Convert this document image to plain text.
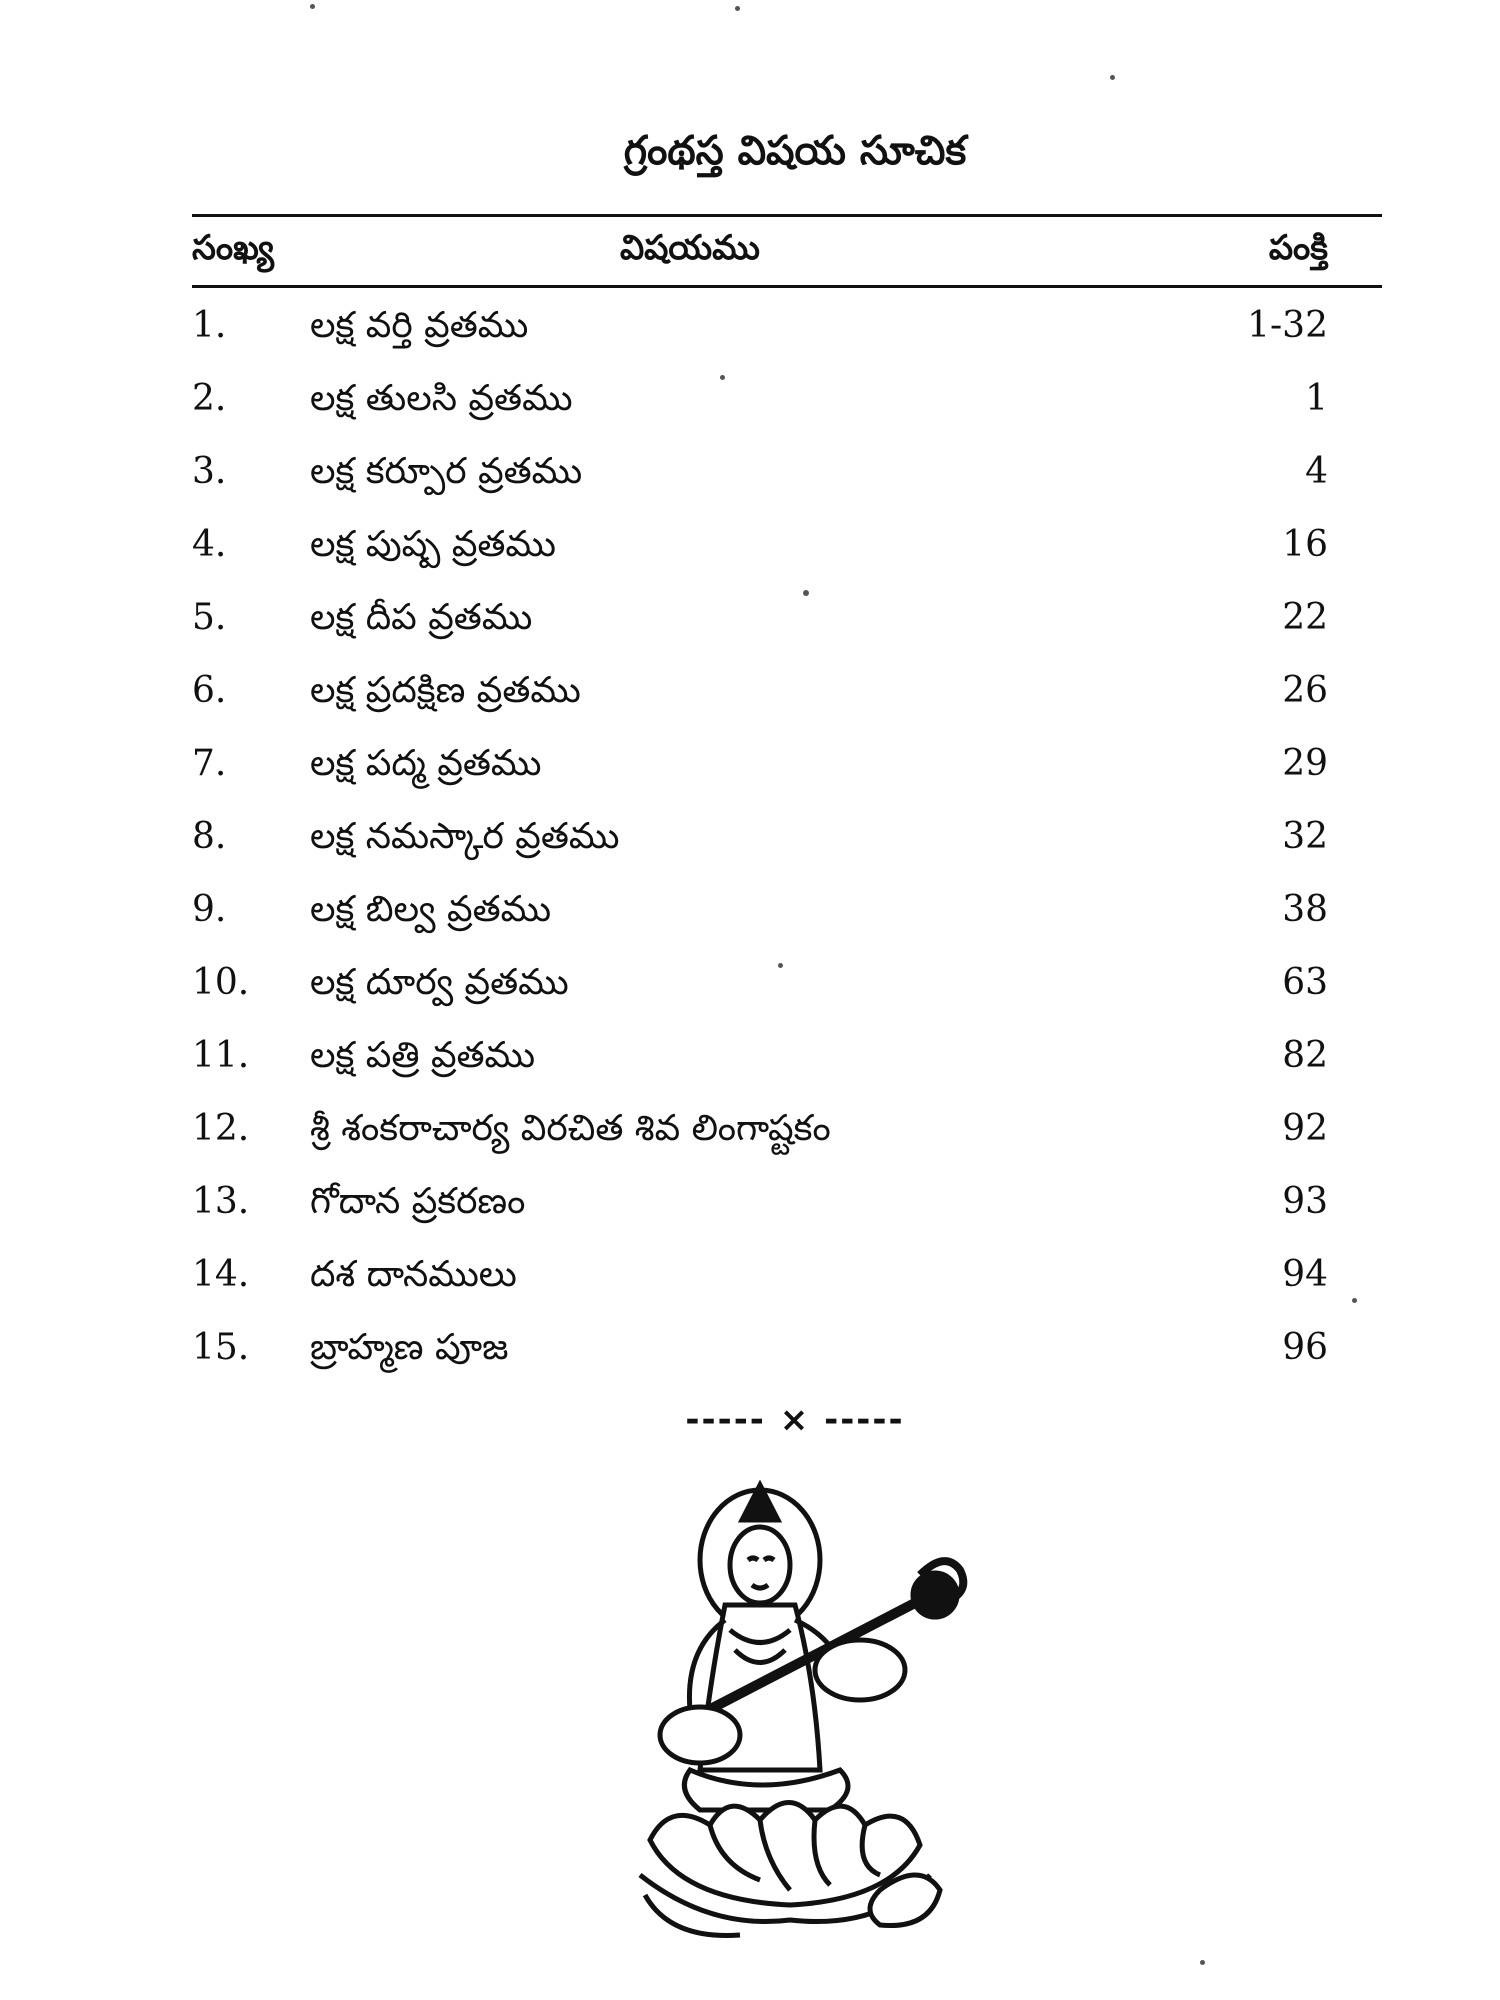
గ్రంథస్త విషయ సూచిక
సంఖ్య	విషయము	పంక్తి
1. లక్ష వర్తి వ్రతము	1-32
2. లక్ష తులసి వ్రతము	1
3. లక్ష కర్పూర వ్రతము	4
4. లక్ష పుష్ప వ్రతము	16
5. లక్ష దీప వ్రతము	22
6. లక్ష ప్రదక్షిణ వ్రతము	26
7. లక్ష పద్మ వ్రతము	29
8. లక్ష నమస్కార వ్రతము	32
9. లక్ష బిల్వ వ్రతము	38
10. లక్ష దూర్వ వ్రతము	63
11. లక్ష పత్రి వ్రతము	82
12. శ్రీ శంకరాచార్య విరచిత శివ లింగాష్టకం	92
13. గోదాన ప్రకరణం	93
14. దశ దానములు	94
15. బ్రాహ్మణ పూజ	96
----- × -----
